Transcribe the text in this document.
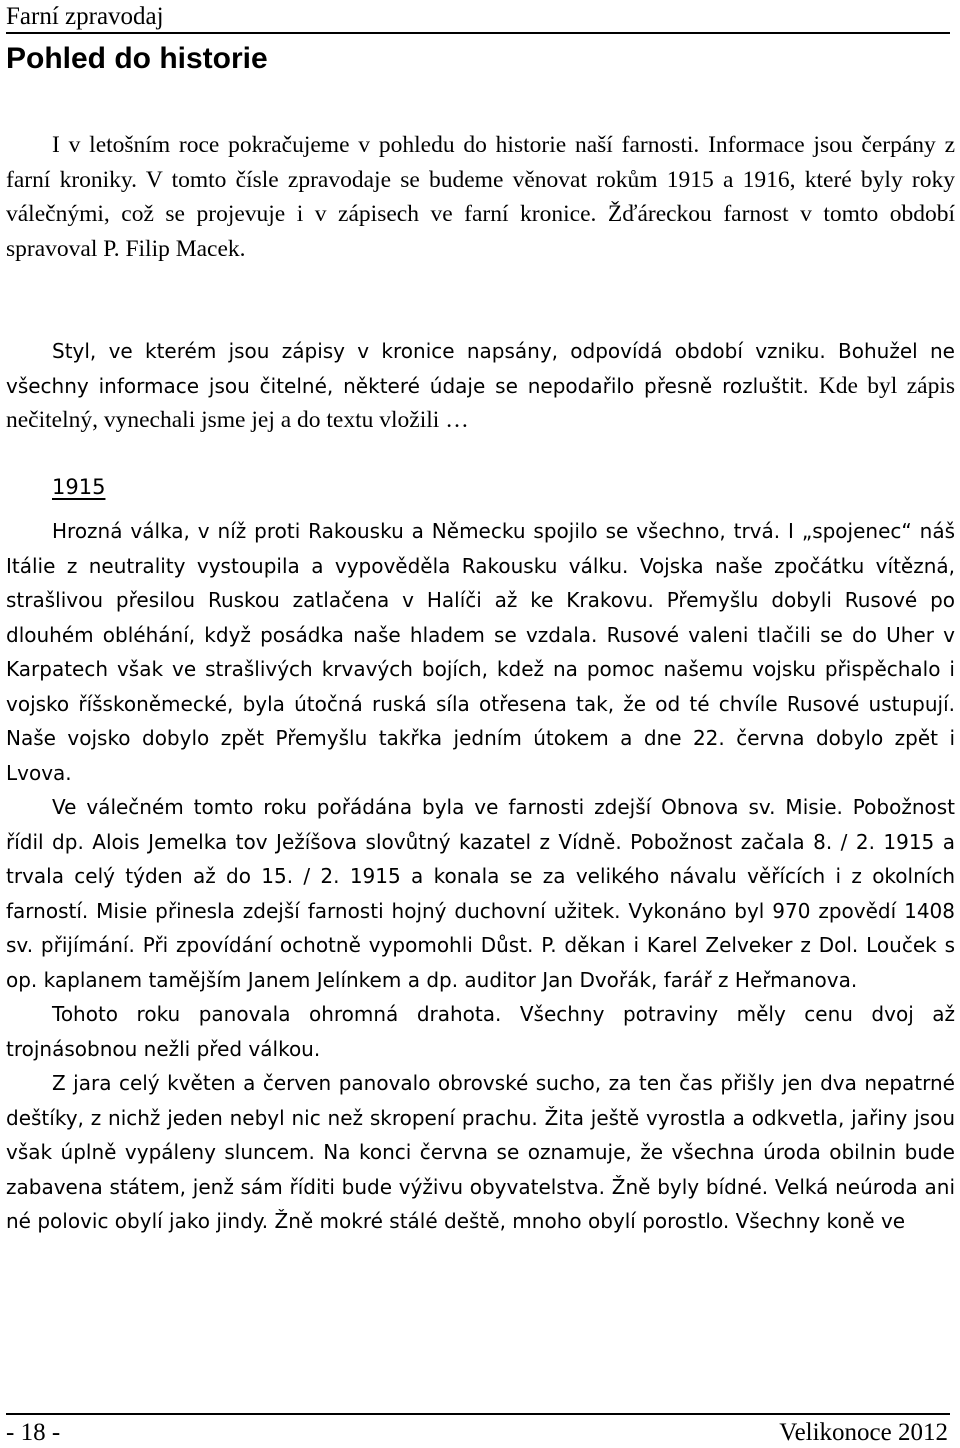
Farní zpravodaj
Pohled do historie

I v letošním roce pokračujeme v pohledu do historie naší farnosti. Informace jsou čerpány z farní kroniky. V tomto čísle zpravodaje se budeme věnovat rokům 1915 a 1916, které byly roky válečnými, což se projevuje i v zápisech ve farní kronice. Žďáreckou farnost v tomto období spravoval P. Filip Macek.

Styl, ve kterém jsou zápisy v kronice napsány, odpovídá období vzniku. Bohužel ne všechny informace jsou čitelné, některé údaje se nepodařilo přesně rozluštit. Kde byl zápis nečitelný, vynechali jsme jej a do textu vložili …

1915

Hrozná válka, v níž proti Rakousku a Německu spojilo se všechno, trvá. I „spojenec“ náš Itálie z neutrality vystoupila a vypověděla Rakousku válku. Vojska naše zpočátku vítězná, strašlivou přesilou Ruskou zatlačena v Halíči až ke Krakovu. Přemyšlu dobyli Rusové po dlouhém obléhání, když posádka naše hladem se vzdala. Rusové valeni tlačili se do Uher v Karpatech však ve strašlivých krvavých bojích, kdež na pomoc našemu vojsku přispěchalo i vojsko říšskoněmecké, byla útočná ruská síla otřesena tak, že od té chvíle Rusové ustupují. Naše vojsko dobylo zpět Přemyšlu takřka jedním útokem a dne 22. června dobylo zpět i Lvova.

Ve válečném tomto roku pořádána byla ve farnosti zdejší Obnova sv. Misie. Pobožnost řídil dp. Alois Jemelka tov Ježíšova slovůtný kazatel z Vídně. Pobožnost začala 8. / 2. 1915 a trvala celý týden až do 15. / 2. 1915 a konala se za velikého návalu věřících i z okolních farností. Misie přinesla zdejší farnosti hojný duchovní užitek. Vykonáno byl 970 zpovědí 1408 sv. přijímání. Při zpovídání ochotně vypomohli Důst. P. děkan i Karel Zelveker z Dol. Louček s op. kaplanem tamějším Janem Jelínkem a dp. auditor Jan Dvořák, farář z Heřmanova.

Tohoto roku panovala ohromná drahota. Všechny potraviny měly cenu dvoj až trojnásobnou nežli před válkou.

Z jara celý květen a červen panovalo obrovské sucho, za ten čas přišly jen dva nepatrné deštíky, z nichž jeden nebyl nic než skropení prachu. Žita ještě vyrostla a odkvetla, jařiny jsou však úplně vypáleny sluncem. Na konci června se oznamuje, že všechna úroda obilnin bude zabavena státem, jenž sám říditi bude výživu obyvatelstva. Žně byly bídné. Velká neúroda ani né polovic obylí jako jindy. Žně mokré stálé deště, mnoho obylí porostlo. Všechny koně ve

- 18 -	Velikonoce 2012
